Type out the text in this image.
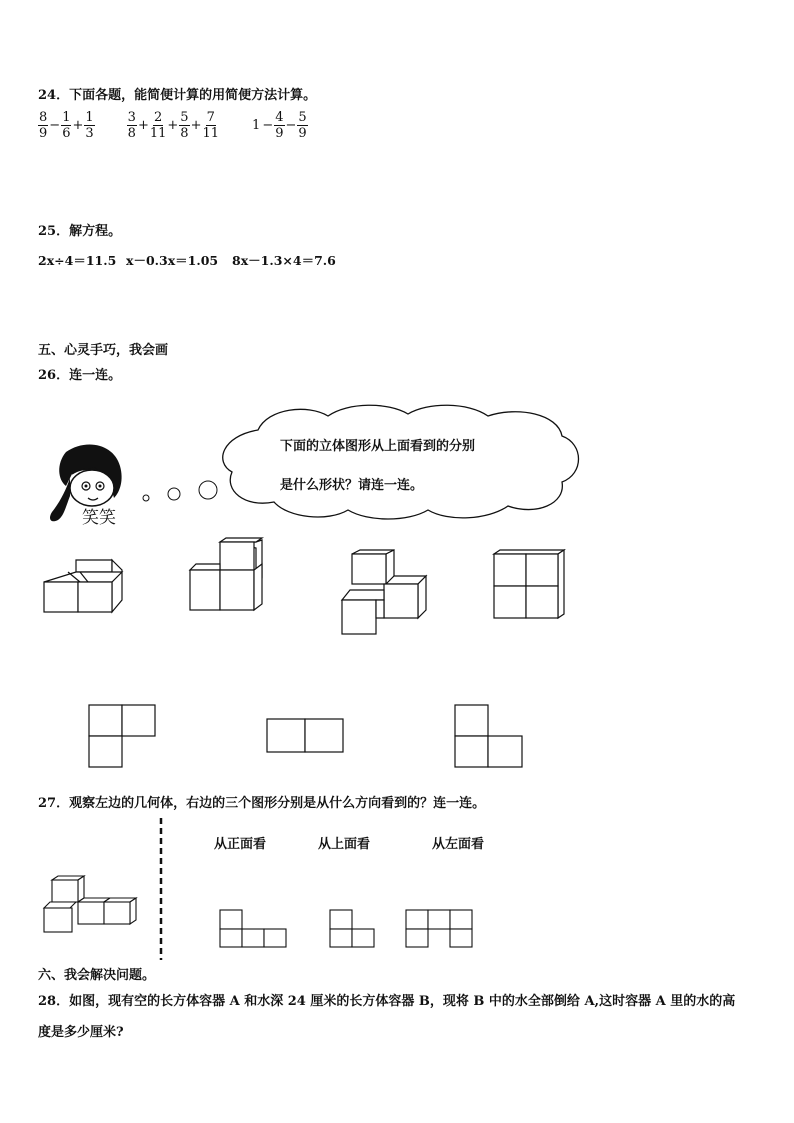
24．下面各题，能简便计算的用简便方法计算。
$\frac{8}{9} - \frac{1}{6} + \frac{1}{3} \frac{3}{8} + \frac{2}{11} + \frac{5}{8} + \frac{7}{11}$	$1 - \frac{4}{9} - \frac{5}{9}$
25．解方程。
2x÷4＝11.5 x－0.3x＝1.05 8x－1.3×4＝7.6
五、心灵手巧，我会画
26．连一连。
笑笑
下面的立体图形从上面看到的分别
是什么形状？请连一连。
27．观察左边的几何体，右边的三个图形分别是从什么方向看到的？连一连。
从正面看	从上面看	从左面看
六、我会解决问题。
28．如图，现有空的长方体容器 A 和水深 24 厘米的长方体容器 B，现将 B 中的水全部倒给 A,这时容器 A 里的水的高
度是多少厘米?
